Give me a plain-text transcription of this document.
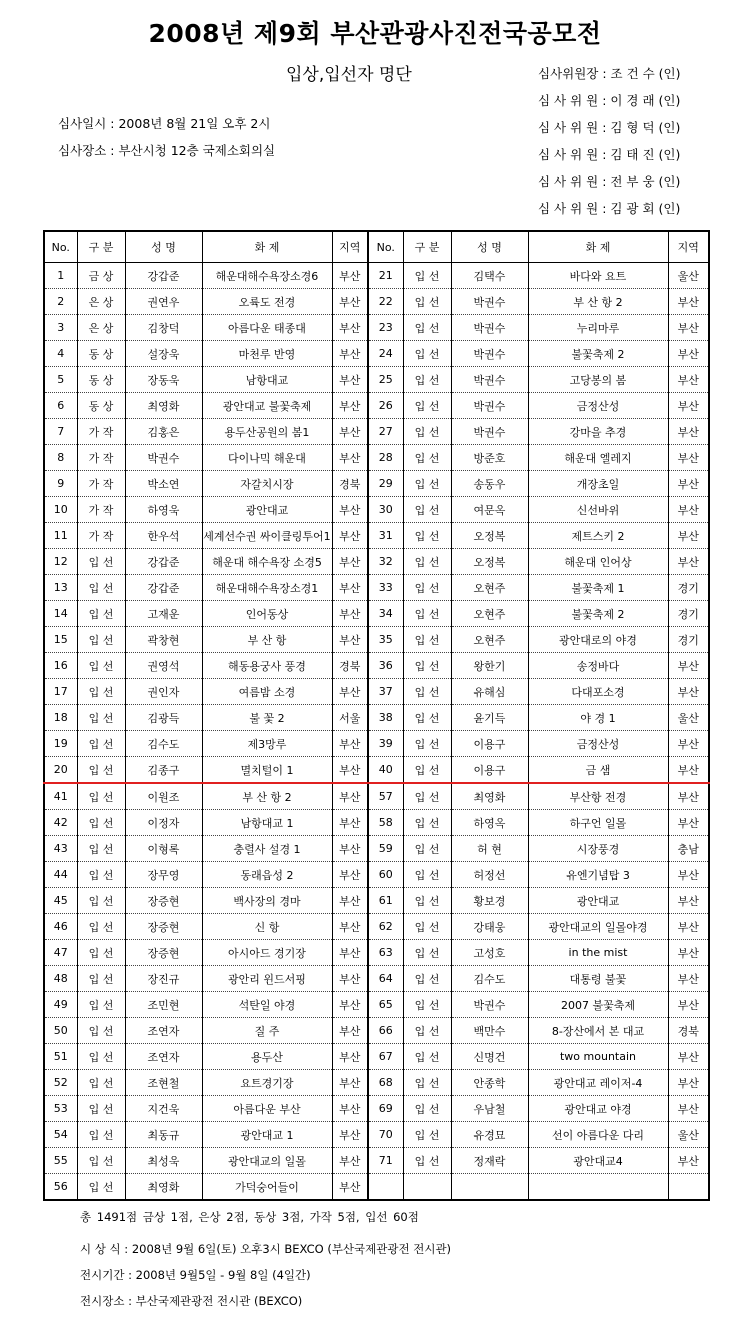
2008년 제9회 부산관광사진전국공모전
입상,입선자 명단	심사위원장 : 조 건 수 (인)
심 사 위 원 : 이 경 래 (인)
심 사 위 원 : 김 형 덕 (인)
심 사 위 원 : 김 태 진 (인)
심 사 위 원 : 전 부 웅 (인)
심 사 위 원 : 김 광 회 (인)
심사일시 : 2008년 8월 21일 오후 2시
심사장소 : 부산시청 12층 국제소회의실
No.	구 분	성 명	화 제	지역	No.	구 분	성 명	화 제	지역
1	금 상	강갑준	해운대해수욕장소경6	부산	21	입 선	김택수	바다와 요트	울산
2	은 상	권연우	오륙도 전경	부산	22	입 선	박권수	부 산 항 2	부산
3	은 상	김창덕	아름다운 태종대	부산	23	입 선	박권수	누리마루	부산
4	동 상	설장욱	마천루 반영	부산	24	입 선	박권수	불꽃축제 2	부산
5	동 상	장동욱	남항대교	부산	25	입 선	박권수	고당봉의 봄	부산
6	동 상	최영화	광안대교 불꽃축제	부산	26	입 선	박권수	금정산성	부산
7	가 작	김홍은	용두산공원의 봄1	부산	27	입 선	박권수	강마을 추경	부산
8	가 작	박권수	다이나믹 해운대	부산	28	입 선	방준호	해운대 엘레지	부산
9	가 작	박소연	자갈치시장	경북	29	입 선	송동우	개장초일	부산
10	가 작	하영욱	광안대교	부산	30	입 선	여문옥	신선바위	부산
11	가 작	한우석	세계선수권 싸이클링투어1	부산	31	입 선	오정복	제트스키 2	부산
12	입 선	강갑준	해운대 해수욕장 소경5	부산	32	입 선	오정복	해운대 인어상	부산
13	입 선	강갑준	해운대해수욕장소경1	부산	33	입 선	오현주	불꽃축제 1	경기
14	입 선	고재운	인어동상	부산	34	입 선	오현주	불꽃축제 2	경기
15	입 선	곽창현	부 산 항	부산	35	입 선	오현주	광안대로의 야경	경기
16	입 선	권영석	해동용궁사 풍경	경북	36	입 선	왕한기	송정바다	부산
17	입 선	권인자	여름밤 소경	부산	37	입 선	유해심	다대포소경	부산
18	입 선	김광득	불 꽃 2	서울	38	입 선	윤기득	야 경 1	울산
19	입 선	김수도	제3망루	부산	39	입 선	이용구	금정산성	부산
20	입 선	김종구	멸치털이 1	부산	40	입 선	이용구	금 샘	부산
41	입 선	이원조	부 산 항 2	부산	57	입 선	최영화	부산항 전경	부산
42	입 선	이정자	남항대교 1	부산	58	입 선	하영옥	하구언 일몰	부산
43	입 선	이형록	충렬사 설경 1	부산	59	입 선	허 현	시장풍경	충남
44	입 선	장무영	동래읍성 2	부산	60	입 선	허정선	유엔기념탑 3	부산
45	입 선	장증현	백사장의 경마	부산	61	입 선	황보경	광안대교	부산
46	입 선	장증현	신 항	부산	62	입 선	강태웅	광안대교의 일몰야경	부산
47	입 선	장증현	아시아드 경기장	부산	63	입 선	고성호	in the mist	부산
48	입 선	장진규	광안리 윈드서핑	부산	64	입 선	김수도	대통령 불꽃	부산
49	입 선	조민현	석탄일 야경	부산	65	입 선	박권수	2007 불꽃축제	부산
50	입 선	조연자	질 주	부산	66	입 선	백만수	8-장산에서 본 대교	경북
51	입 선	조연자	용두산	부산	67	입 선	신명건	two mountain	부산
52	입 선	조현철	요트경기장	부산	68	입 선	안종학	광안대교 레이저-4	부산
53	입 선	지건욱	아름다운 부산	부산	69	입 선	우남철	광안대교 야경	부산
54	입 선	최동규	광안대교 1	부산	70	입 선	유경묘	선이 아름다운 다리	울산
55	입 선	최성욱	광안대교의 일몰	부산	71	입 선	정재락	광안대교4	부산
56	입 선	최영화	가덕숭어들이	부산					
총 1491점 금상 1점, 은상 2점, 동상 3점, 가작 5점, 입선 60점
시 상 식 : 2008년 9월 6일(토) 오후3시 BEXCO (부산국제관광전 전시관)
전시기간 : 2008년 9월5일 - 9월 8일 (4일간)
전시장소 : 부산국제관광전 전시관 (BEXCO)
